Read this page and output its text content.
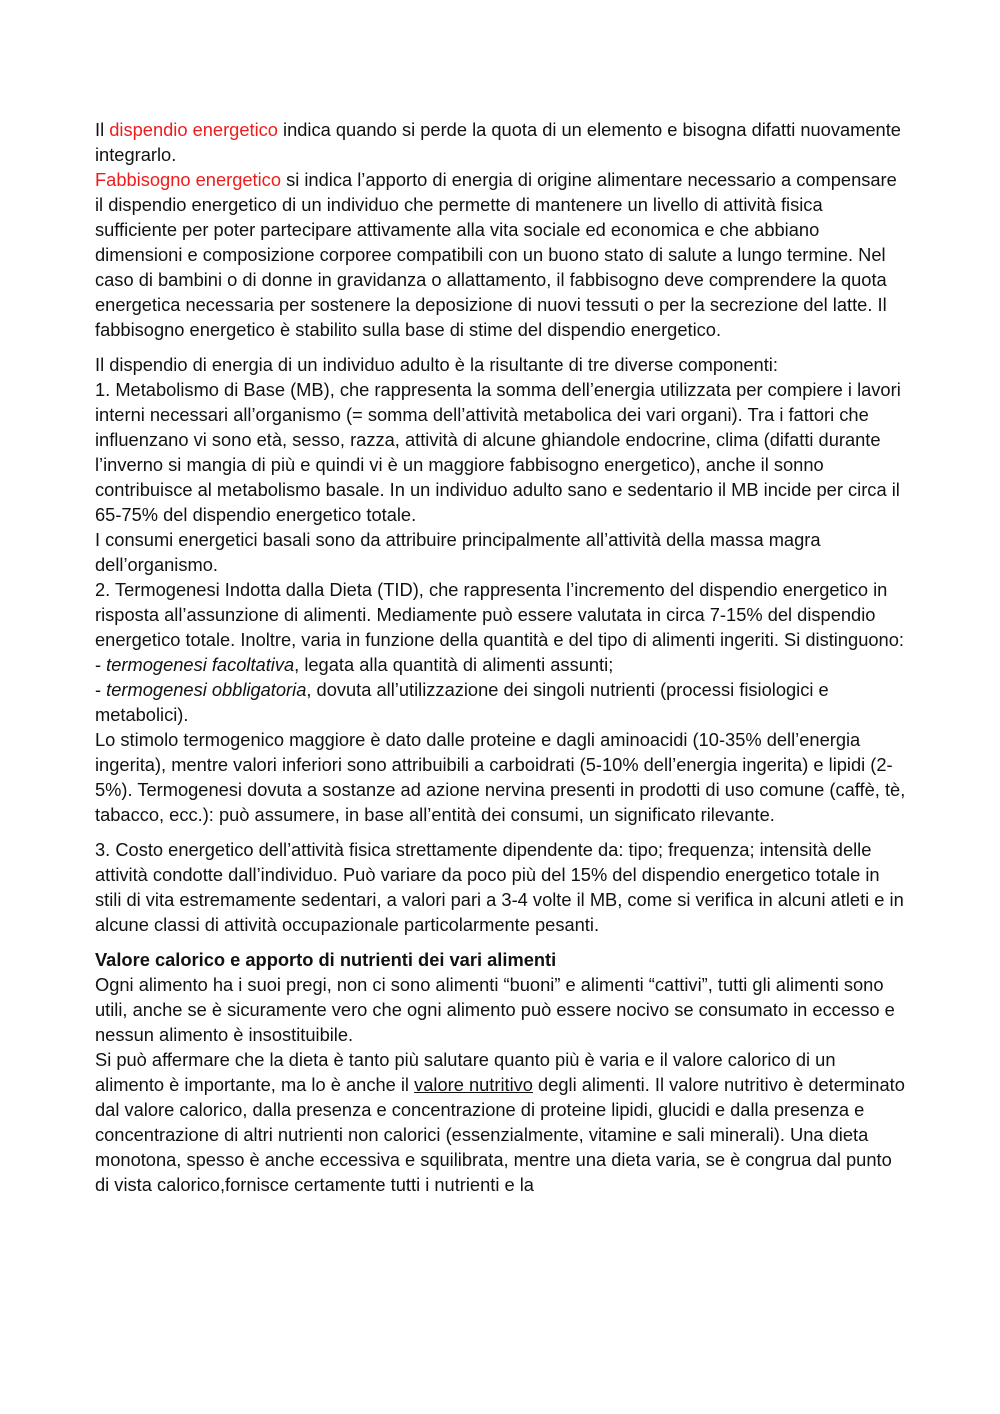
Il dispendio energetico indica quando si perde la quota di un elemento e bisogna difatti nuovamente integrarlo.

Fabbisogno energetico si indica l’apporto di energia di origine alimentare necessario a compensare il dispendio energetico di un individuo che permette di mantenere un livello di attività fisica sufficiente per poter partecipare attivamente alla vita sociale ed economica e che abbiano dimensioni e composizione corporee compatibili con un buono stato di salute a lungo termine. Nel caso di bambini o di donne in gravidanza o allattamento, il fabbisogno deve comprendere la quota energetica necessaria per sostenere la deposizione di nuovi tessuti o per la secrezione del latte. Il fabbisogno energetico è stabilito sulla base di stime del dispendio energetico.

Il dispendio di energia di un individuo adulto è la risultante di tre diverse componenti:

1. Metabolismo di Base (MB), che rappresenta la somma dell’energia utilizzata per compiere i lavori interni necessari all’organismo (= somma dell’attività metabolica dei vari organi). Tra i fattori che influenzano vi sono età, sesso, razza, attività di alcune ghiandole endocrine, clima (difatti durante l’inverno si mangia di più e quindi vi è un maggiore fabbisogno energetico), anche il sonno contribuisce al metabolismo basale. In un individuo adulto sano e sedentario il MB incide per circa il 65-75% del dispendio energetico totale.

I consumi energetici basali sono da attribuire principalmente all’attività della massa magra dell’organismo.

2. Termogenesi Indotta dalla Dieta (TID), che rappresenta l’incremento del dispendio energetico in risposta all’assunzione di alimenti. Mediamente può essere valutata in circa 7-15% del dispendio energetico totale. Inoltre, varia in funzione della quantità e del tipo di alimenti ingeriti. Si distinguono:

- termogenesi facoltativa, legata alla quantità di alimenti assunti;

- termogenesi obbligatoria, dovuta all’utilizzazione dei singoli nutrienti (processi fisiologici e metabolici).

Lo stimolo termogenico maggiore è dato dalle proteine e dagli aminoacidi (10-35% dell’energia ingerita), mentre valori inferiori sono attribuibili a carboidrati (5-10% dell’energia ingerita) e lipidi (2-5%). Termogenesi dovuta a sostanze ad azione nervina presenti in prodotti di uso comune (caffè, tè, tabacco, ecc.): può assumere, in base all’entità dei consumi, un significato rilevante.

3. Costo energetico dell’attività fisica strettamente dipendente da: tipo; frequenza; intensità delle attività condotte dall’individuo. Può variare da poco più del 15% del dispendio energetico totale in stili di vita estremamente sedentari, a valori pari a 3-4 volte il MB, come si verifica in alcuni atleti e in alcune classi di attività occupazionale particolarmente pesanti.

Valore calorico e apporto di nutrienti dei vari alimenti

Ogni alimento ha i suoi pregi, non ci sono alimenti “buoni” e alimenti “cattivi”, tutti gli alimenti sono utili, anche se è sicuramente vero che ogni alimento può essere nocivo se consumato in eccesso e nessun alimento è insostituibile.

Si può affermare che la dieta è tanto più salutare quanto più è varia e il valore calorico di un alimento è importante, ma lo è anche il valore nutritivo degli alimenti. Il valore nutritivo è determinato dal valore calorico, dalla presenza e concentrazione di proteine lipidi, glucidi e dalla presenza e concentrazione di altri nutrienti non calorici (essenzialmente, vitamine e sali minerali). Una dieta monotona, spesso è anche eccessiva e squilibrata, mentre una dieta varia, se è congrua dal punto di vista calorico,fornisce certamente tutti i nutrienti e la
